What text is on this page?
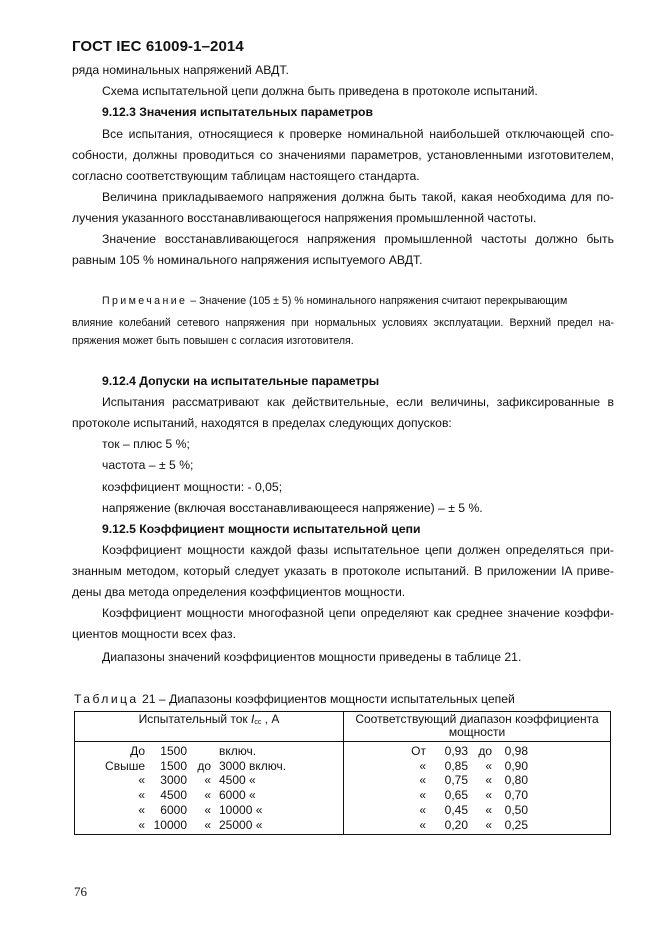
ГОСТ IEC 61009-1–2014
ряда номинальных напряжений АВДТ.
Схема испытательной цепи должна быть приведена в протоколе испытаний.
9.12.3 Значения испытательных параметров
Все испытания, относящиеся к проверке номинальной наибольшей отключающей спо-
собности, должны проводиться со значениями параметров, установленными изготовителем,
согласно соответствующим таблицам настоящего стандарта.
Величина прикладываемого напряжения должна быть такой, какая необходима для по-
лучения указанного восстанавливающегося напряжения промышленной частоты.
Значение восстанавливающегося напряжения промышленной частоты должно быть
равным 105 % номинального напряжения испытуемого АВДТ.
Примечание – Значение (105 ± 5) % номинального напряжения считают перекрывающим
влияние колебаний сетевого напряжения при нормальных условиях эксплуатации. Верхний предел на-
пряжения может быть повышен с согласия изготовителя.
9.12.4 Допуски на испытательные параметры
Испытания рассматривают как действительные, если величины, зафиксированные в
протоколе испытаний, находятся в пределах следующих допусков:
ток – плюс 5 %;
частота – ± 5 %;
коэффициент мощности: - 0,05;
напряжение (включая восстанавливающееся напряжение) – ± 5 %.
9.12.5 Коэффициент мощности испытательной цепи
Коэффициент мощности каждой фазы испытательное цепи должен определяться при-
знанным методом, который следует указать в протоколе испытаний. В приложении IA приве-
дены два метода определения коэффициентов мощности.
Коэффициент мощности многофазной цепи определяют как среднее значение коэффи-
циентов мощности всех фаз.
Диапазоны значений коэффициентов мощности приведены в таблице 21.
Таблица 21 – Диапазоны коэффициентов мощности испытательных цепей
Испытательный ток Icc , А	Соответствующий диапазон коэффициента
мощности

До 1500 включ.	От 0,93 до 0,98
Свыше 1500 до 3000 включ.	« 0,85 « 0,90
« 3000 « 4500 «	« 0,75 « 0,80
« 4500 « 6000 «	« 0,65 « 0,70
« 6000 « 10000 «	« 0,45 « 0,50
« 10000 « 25000 «	« 0,20 « 0,25
76
